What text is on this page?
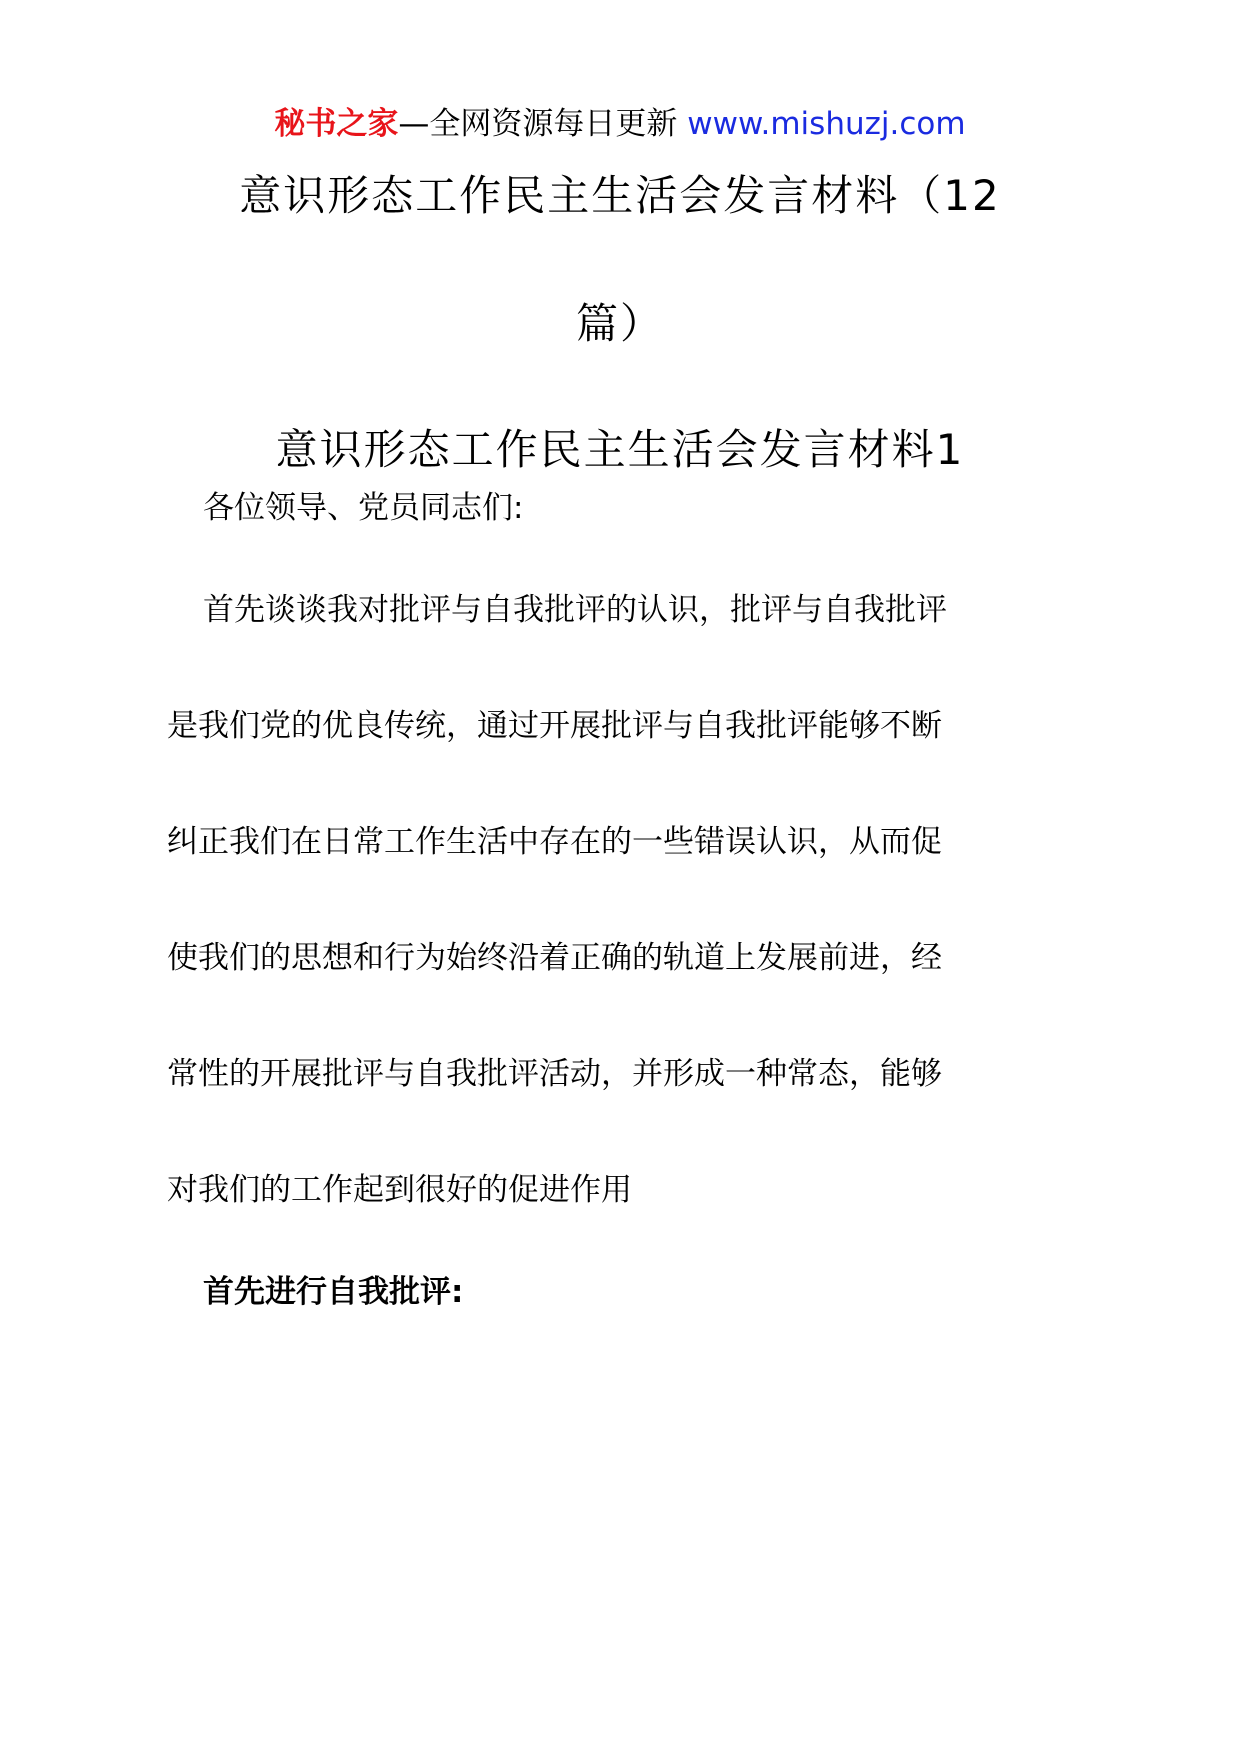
秘书之家—全网资源每日更新 www.mishuzj.com
意识形态工作民主生活会发言材料（12
篇）
意识形态工作民主生活会发言材料1
各位领导、党员同志们:
首先谈谈我对批评与自我批评的认识，批评与自我批评
是我们党的优良传统，通过开展批评与自我批评能够不断
纠正我们在日常工作生活中存在的一些错误认识，从而促
使我们的思想和行为始终沿着正确的轨道上发展前进，经
常性的开展批评与自我批评活动，并形成一种常态，能够
对我们的工作起到很好的促进作用
首先进行自我批评:
